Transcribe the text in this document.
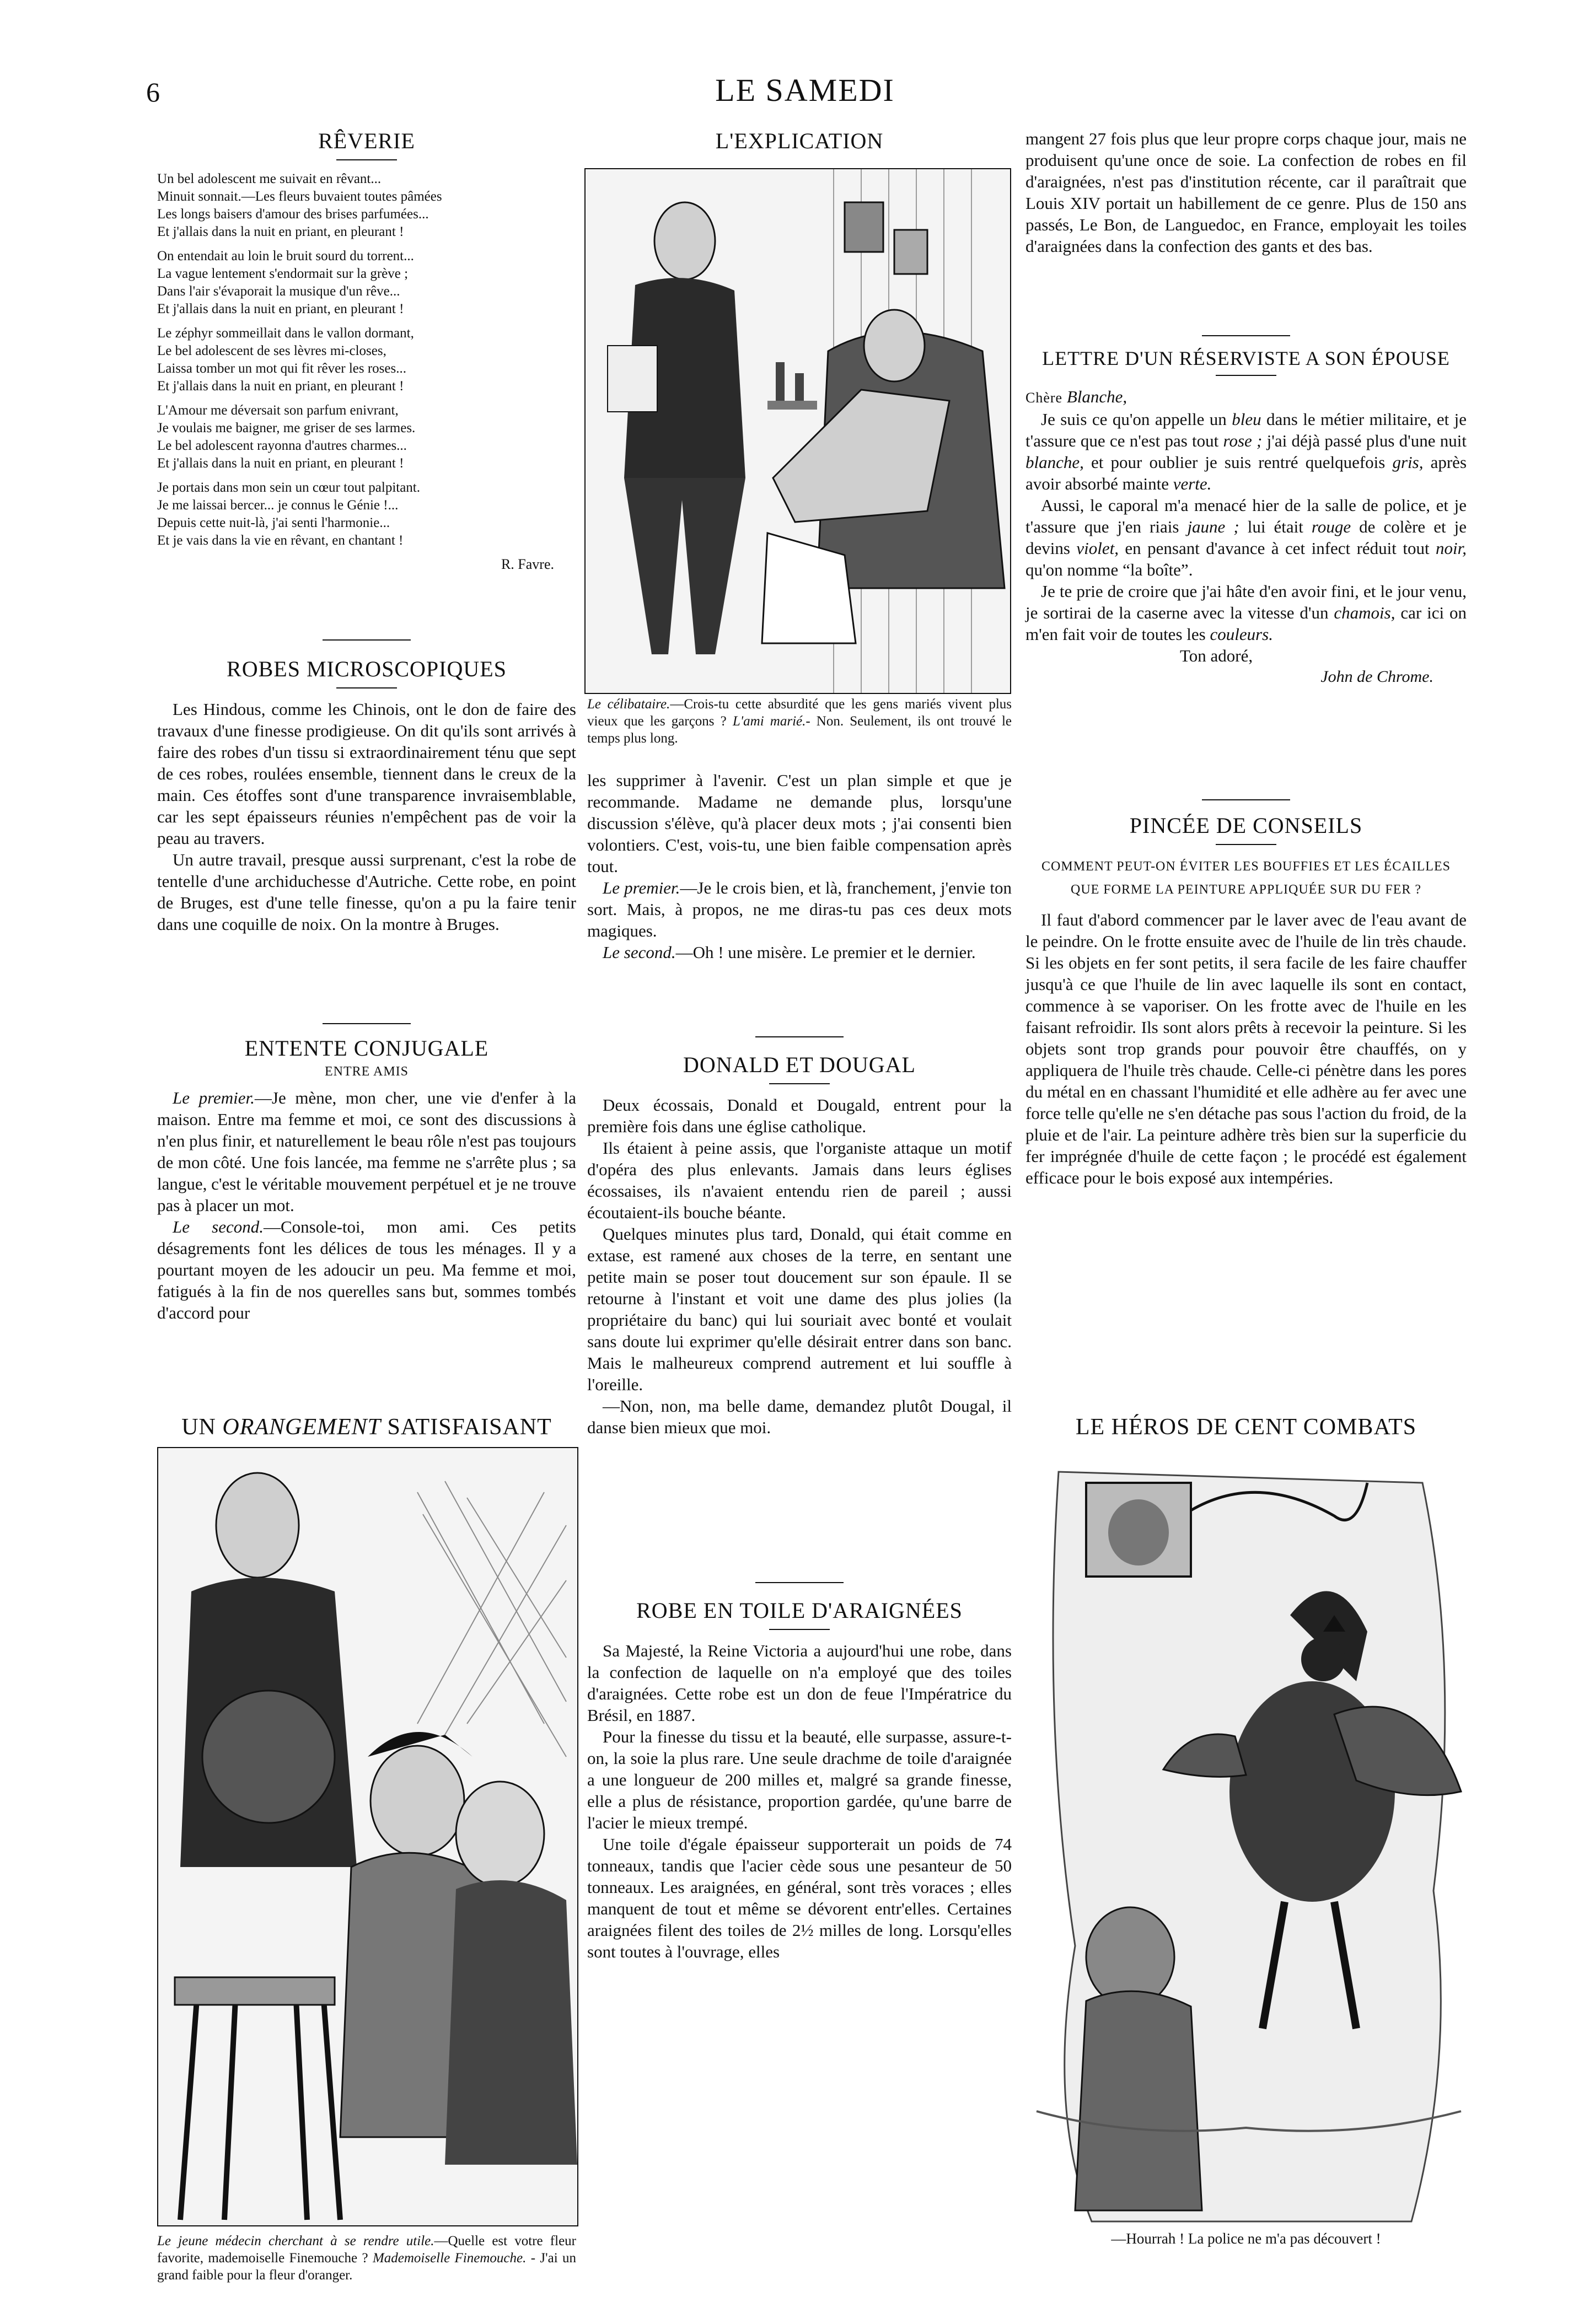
6	LE SAMEDI
RÊVERIE
Un bel adolescent me suivait en rêvant...
Minuit sonnait.—Les fleurs buvaient toutes pâmées
Les longs baisers d'amour des brises parfumées...
Et j'allais dans la nuit en priant, en pleurant !
On entendait au loin le bruit sourd du torrent...
La vague lentement s'endormait sur la grève ;
Dans l'air s'évaporait la musique d'un rêve...
Et j'allais dans la nuit en priant, en pleurant !
Le zéphyr sommeillait dans le vallon dormant,
Le bel adolescent de ses lèvres mi-closes,
Laissa tomber un mot qui fit rêver les roses...
Et j'allais dans la nuit en priant, en pleurant !
L'Amour me déversait son parfum enivrant,
Je voulais me baigner, me griser de ses larmes.
Le bel adolescent rayonna d'autres charmes...
Et j'allais dans la nuit en priant, en pleurant !
Je portais dans mon sein un cœur tout palpitant.
Je me laissai bercer... je connus le Génie !...
Depuis cette nuit-là, j'ai senti l'harmonie...
Et je vais dans la vie en rêvant, en chantant !
R. Favre.
ROBES MICROSCOPIQUES

Les Hindous, comme les Chinois, ont le don de faire des travaux d'une finesse prodigieuse. On dit qu'ils sont arrivés à faire des robes d'un tissu si extraordinairement ténu que sept de ces robes, roulées ensemble, tiennent dans le creux de la main. Ces étoffes sont d'une transparence invraisemblable, car les sept épaisseurs réunies n'empêchent pas de voir la peau au travers.

Un autre travail, presque aussi surprenant, c'est la robe de tentelle d'une archiduchesse d'Autriche. Cette robe, en point de Bruges, est d'une telle finesse, qu'on a pu la faire tenir dans une coquille de noix. On la montre à Bruges.

ENTENTE CONJUGALE
ENTRE AMIS

Le premier.—Je mène, mon cher, une vie d'enfer à la maison. Entre ma femme et moi, ce sont des discussions à n'en plus finir, et naturellement le beau rôle n'est pas toujours de mon côté. Une fois lancée, ma femme ne s'arrête plus ; sa langue, c'est le véritable mouvement perpétuel et je ne trouve pas à placer un mot.

Le second.—Console-toi, mon ami. Ces petits désagrements font les délices de tous les ménages. Il y a pourtant moyen de les adoucir un peu. Ma femme et moi, fatigués à la fin de nos querelles sans but, sommes tombés d'accord pour

UN ORANGEMENT SATISFAISANT
Le jeune médecin cherchant à se rendre utile.—Quelle est votre fleur favorite, mademoiselle Finemouche ? Mademoiselle Finemouche. - J'ai un grand faible pour la fleur d'oranger.
L'EXPLICATION
Le célibataire.—Crois-tu cette absurdité que les gens mariés vivent plus vieux que les garçons ? L'ami marié.- Non. Seulement, ils ont trouvé le temps plus long.

les supprimer à l'avenir. C'est un plan simple et que je recommande. Madame ne demande plus, lorsqu'une discussion s'élève, qu'à placer deux mots ; j'ai consenti bien volontiers. C'est, vois-tu, une bien faible compensation après tout.

Le premier.—Je le crois bien, et là, franchement, j'envie ton sort. Mais, à propos, ne me diras-tu pas ces deux mots magiques.

Le second.—Oh ! une misère. Le premier et le dernier.

DONALD ET DOUGAL

Deux écossais, Donald et Dougald, entrent pour la première fois dans une église catholique.

Ils étaient à peine assis, que l'organiste attaque un motif d'opéra des plus enlevants. Jamais dans leurs églises écossaises, ils n'avaient entendu rien de pareil ; aussi écoutaient-ils bouche béante.

Quelques minutes plus tard, Donald, qui était comme en extase, est ramené aux choses de la terre, en sentant une petite main se poser tout doucement sur son épaule. Il se retourne à l'instant et voit une dame des plus jolies (la propriétaire du banc) qui lui souriait avec bonté et voulait sans doute lui exprimer qu'elle désirait entrer dans son banc. Mais le malheureux comprend autrement et lui souffle à l'oreille.

—Non, non, ma belle dame, demandez plutôt Dougal, il danse bien mieux que moi.

ROBE EN TOILE D'ARAIGNÉES

Sa Majesté, la Reine Victoria a aujourd'hui une robe, dans la confection de laquelle on n'a employé que des toiles d'araignées. Cette robe est un don de feue l'Impératrice du Brésil, en 1887.

Pour la finesse du tissu et la beauté, elle surpasse, assure-t-on, la soie la plus rare. Une seule drachme de toile d'araignée a une longueur de 200 milles et, malgré sa grande finesse, elle a plus de résistance, proportion gardée, qu'une barre de l'acier le mieux trempé.

Une toile d'égale épaisseur supporterait un poids de 74 tonneaux, tandis que l'acier cède sous une pesanteur de 50 tonneaux. Les araignées, en général, sont très voraces ; elles manquent de tout et même se dévorent entr'elles. Certaines araignées filent des toiles de 2½ milles de long. Lorsqu'elles sont toutes à l'ouvrage, elles

mangent 27 fois plus que leur propre corps chaque jour, mais ne produisent qu'une once de soie. La confection de robes en fil d'araignées, n'est pas d'institution récente, car il paraîtrait que Louis XIV portait un habillement de ce genre. Plus de 150 ans passés, Le Bon, de Languedoc, en France, employait les toiles d'araignées dans la confection des gants et des bas.

LETTRE D'UN RÉSERVISTE A SON ÉPOUSE

Chère Blanche,

Je suis ce qu'on appelle un bleu dans le métier militaire, et je t'assure que ce n'est pas tout rose ; j'ai déjà passé plus d'une nuit blanche, et pour oublier je suis rentré quelquefois gris, après avoir absorbé mainte verte.

Aussi, le caporal m'a menacé hier de la salle de police, et je t'assure que j'en riais jaune ; lui était rouge de colère et je devins violet, en pensant d'avance à cet infect réduit tout noir, qu'on nomme “la boîte”.

Je te prie de croire que j'ai hâte d'en avoir fini, et le jour venu, je sortirai de la caserne avec la vitesse d'un chamois, car ici on m'en fait voir de toutes les couleurs.

Ton adoré,
John de Chrome.
PINCÉE DE CONSEILS
COMMENT PEUT-ON ÉVITER LES BOUFFIES ET LES ÉCAILLES QUE FORME LA PEINTURE APPLIQUÉE SUR DU FER ?

Il faut d'abord commencer par le laver avec de l'eau avant de le peindre. On le frotte ensuite avec de l'huile de lin très chaude. Si les objets en fer sont petits, il sera facile de les faire chauffer jusqu'à ce que l'huile de lin avec laquelle ils sont en contact, commence à se vaporiser. On les frotte avec de l'huile en les faisant refroidir. Ils sont alors prêts à recevoir la peinture. Si les objets sont trop grands pour pouvoir être chauffés, on y appliquera de l'huile très chaude. Celle-ci pénètre dans les pores du métal en en chassant l'humidité et elle adhère au fer avec une force telle qu'elle ne s'en détache pas sous l'action du froid, de la pluie et de l'air. La peinture adhère très bien sur la superficie du fer imprégnée d'huile de cette façon ; le procédé est également efficace pour le bois exposé aux intempéries.

LE HÉROS DE CENT COMBATS
—Hourrah ! La police ne m'a pas découvert !
